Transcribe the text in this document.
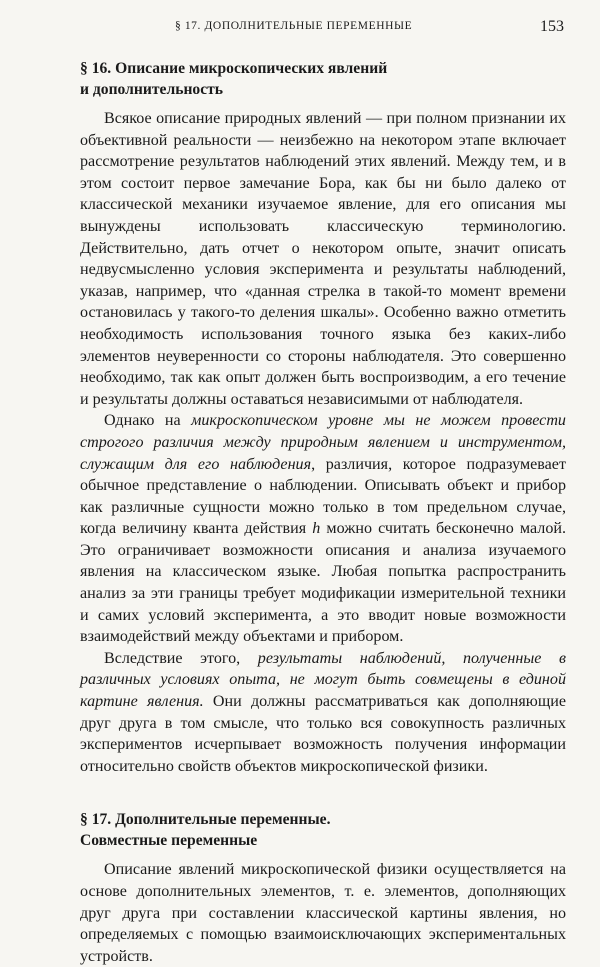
§ 17. ДОПОЛНИТЕЛЬНЫЕ ПЕРЕМЕННЫЕ	153
§ 16. Описание микроскопических явлений
и дополнительность

Всякое описание природных явлений — при полном признании их объективной реальности — неизбежно на некотором этапе включает рассмотрение результатов наблюдений этих явлений. Между тем, и в этом состоит первое замечание Бора, как бы ни было далеко от классической механики изучаемое явление, для его описания мы вынуждены использовать классическую терминологию. Действительно, дать отчет о некотором опыте, значит описать недвусмысленно условия эксперимента и результаты наблюдений, указав, например, что «данная стрелка в такой-то момент времени остановилась у такого-то деления шкалы». Особенно важно отметить необходимость использования точного языка без каких-либо элементов неуверенности со стороны наблюдателя. Это совершенно необходимо, так как опыт должен быть воспроизводим, а его течение и результаты должны оставаться независимыми от наблюдателя.

Однако на микроскопическом уровне мы не можем провести строгого различия между природным явлением и инструментом, служащим для его наблюдения, различия, которое подразумевает обычное представление о наблюдении. Описывать объект и прибор как различные сущности можно только в том предельном случае, когда величину кванта действия h можно считать бесконечно малой. Это ограничивает возможности описания и анализа изучаемого явления на классическом языке. Любая попытка распространить анализ за эти границы требует модификации измерительной техники и самих условий эксперимента, а это вводит новые возможности взаимодействий между объектами и прибором.

Вследствие этого, результаты наблюдений, полученные в различных условиях опыта, не могут быть совмещены в единой картине явления. Они должны рассматриваться как дополняющие друг друга в том смысле, что только вся совокупность различных экспериментов исчерпывает возможность получения информации относительно свойств объектов микроскопической физики.

§ 17. Дополнительные переменные.
Совместные переменные

Описание явлений микроскопической физики осуществляется на основе дополнительных элементов, т. е. элементов, дополняющих друг друга при составлении классической картины явления, но определяемых с помощью взаимоисключающих экспериментальных устройств.
